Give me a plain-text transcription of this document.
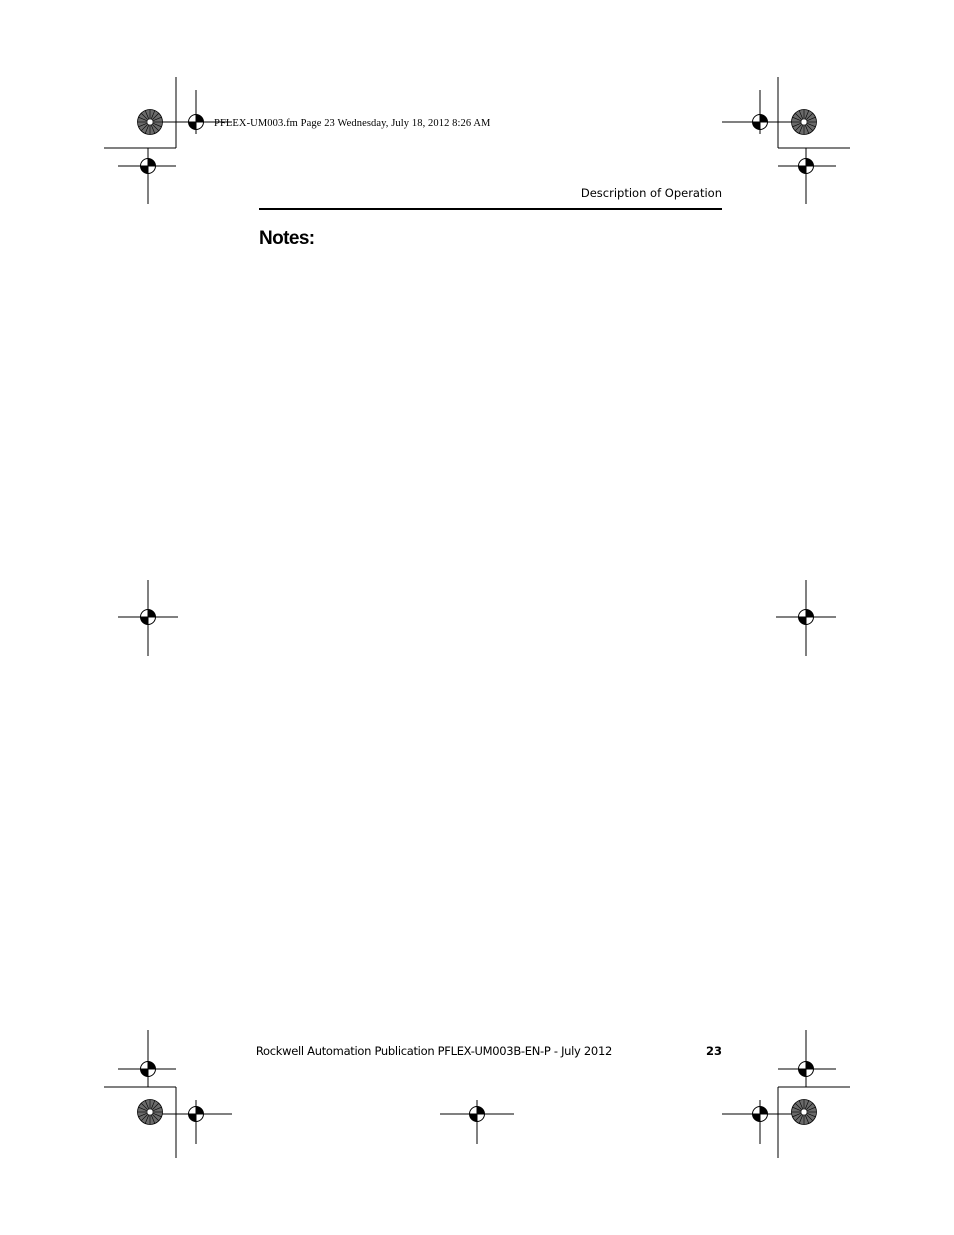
PFLEX-UM003.fm Page 23 Wednesday, July 18, 2012 8:26 AM
Description of Operation
Notes:
Rockwell Automation Publication PFLEX-UM003B-EN-P - July 2012	23
